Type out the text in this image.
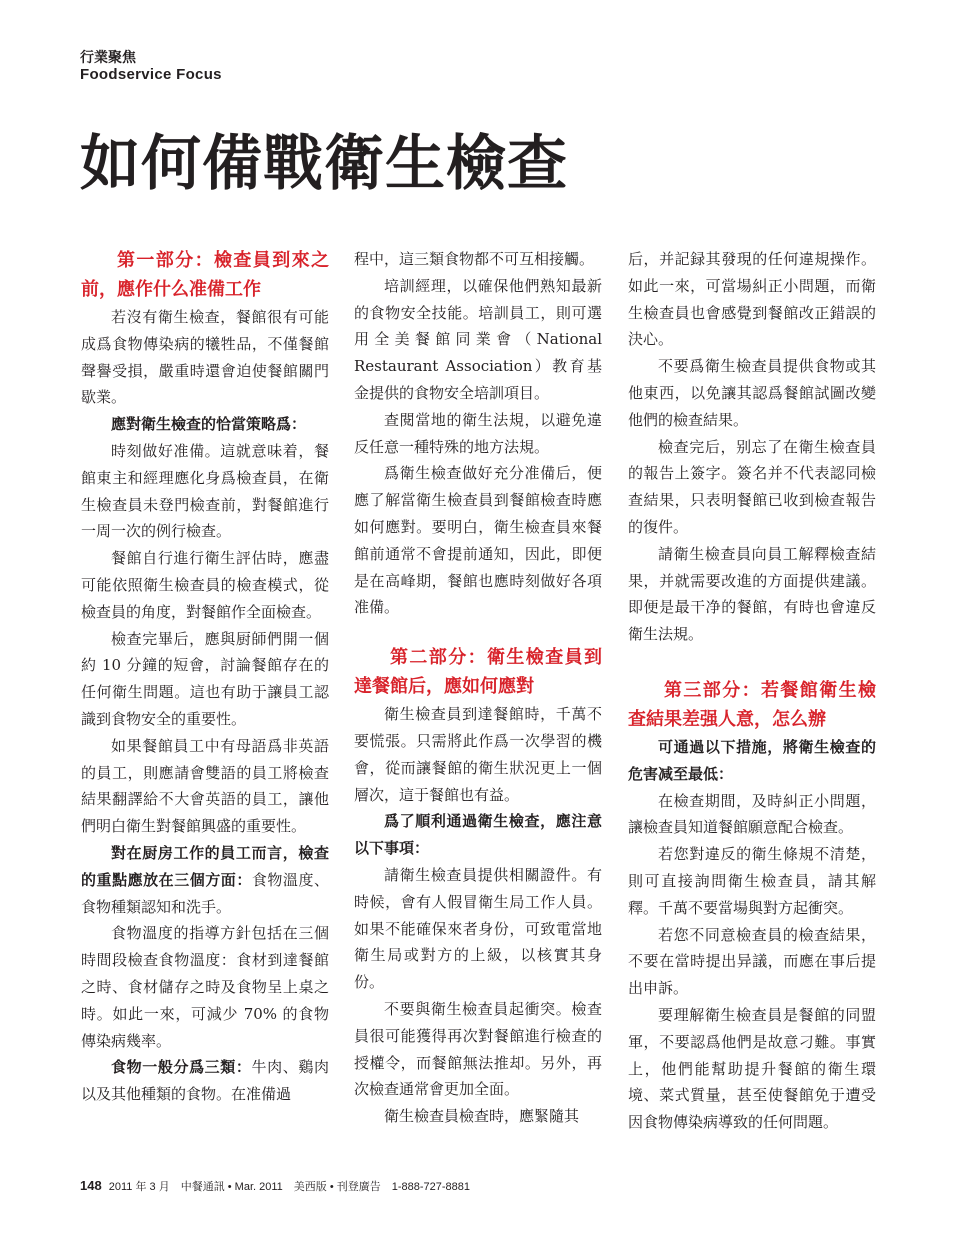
行業聚焦
Foodservice Focus
如何備戰衛生檢查
第一部分：檢查員到來之前，應作什么准備工作

若沒有衛生檢查，餐館很有可能成爲食物傳染病的犧牲品，不僅餐館聲譽受損，嚴重時還會迫使餐館關門歇業。

應對衛生檢查的恰當策略爲：

時刻做好准備。這就意味着，餐館東主和經理應化身爲檢查員，在衛生檢查員未登門檢查前，對餐館進行一周一次的例行檢查。

餐館自行進行衛生評估時，應盡可能依照衛生檢查員的檢查模式，從檢查員的角度，對餐館作全面檢查。

檢查完畢后，應與厨師們開一個約 10 分鐘的短會，討論餐館存在的任何衛生問題。這也有助于讓員工認識到食物安全的重要性。

如果餐館員工中有母語爲非英語的員工，則應請會雙語的員工將檢查結果翻譯給不大會英語的員工，讓他們明白衛生對餐館興盛的重要性。

對在厨房工作的員工而言，檢查的重點應放在三個方面：食物溫度、食物種類認知和洗手。

食物溫度的指導方針包括在三個時間段檢查食物溫度：食材到達餐館之時、食材儲存之時及食物呈上桌之時。如此一來，可減少 70% 的食物傳染病幾率。

食物一般分爲三類：牛肉、鷄肉以及其他種類的食物。在准備過

程中，這三類食物都不可互相接觸。

培訓經理，以確保他們熟知最新的食物安全技能。培訓員工，則可選用全美餐館同業會（National Restaurant Association）教育基金提供的食物安全培訓項目。

查閱當地的衛生法規，以避免違反任意一種特殊的地方法規。

爲衛生檢查做好充分准備后，便應了解當衛生檢查員到餐館檢查時應如何應對。要明白，衛生檢查員來餐館前通常不會提前通知，因此，即便是在高峰期，餐館也應時刻做好各項准備。

第二部分：衛生檢查員到達餐館后，應如何應對

衛生檢查員到達餐館時，千萬不要慌張。只需將此作爲一次學習的機會，從而讓餐館的衛生狀況更上一個層次，這于餐館也有益。

爲了順利通過衛生檢查，應注意以下事項：

請衛生檢查員提供相關證件。有時候，會有人假冒衛生局工作人員。如果不能確保來者身份，可致電當地衛生局或對方的上級，以核實其身份。

不要與衛生檢查員起衝突。檢查員很可能獲得再次對餐館進行檢查的授權令，而餐館無法推却。另外，再次檢查通常會更加全面。

衛生檢查員檢查時，應緊隨其

后，并記録其發現的任何違規操作。如此一來，可當場糾正小問題，而衛生檢查員也會感覺到餐館改正錯誤的決心。

不要爲衛生檢查員提供食物或其他東西，以免讓其認爲餐館試圖改變他們的檢查結果。

檢查完后，别忘了在衛生檢查員的報告上簽字。簽名并不代表認同檢查結果，只表明餐館已收到檢查報告的復件。

請衛生檢查員向員工解釋檢查結果，并就需要改進的方面提供建議。即便是最干净的餐館，有時也會違反衛生法規。

第三部分：若餐館衛生檢查結果差强人意，怎么辦

可通過以下措施，將衛生檢查的危害减至最低：

在檢查期間，及時糾正小問題，讓檢查員知道餐館願意配合檢查。

若您對違反的衛生條規不清楚，則可直接詢問衛生檢查員，請其解釋。千萬不要當場與對方起衝突。

若您不同意檢查員的檢查結果，不要在當時提出异議，而應在事后提出申訴。

要理解衛生檢查員是餐館的同盟軍，不要認爲他們是故意刁難。事實上，他們能幫助提升餐館的衛生環境、菜式質量，甚至使餐館免于遭受因食物傳染病導致的任何問題。

148 2011 年 3 月　中餐通訊 • Mar. 2011　美西版 • 刊登廣告　1-888-727-8881
